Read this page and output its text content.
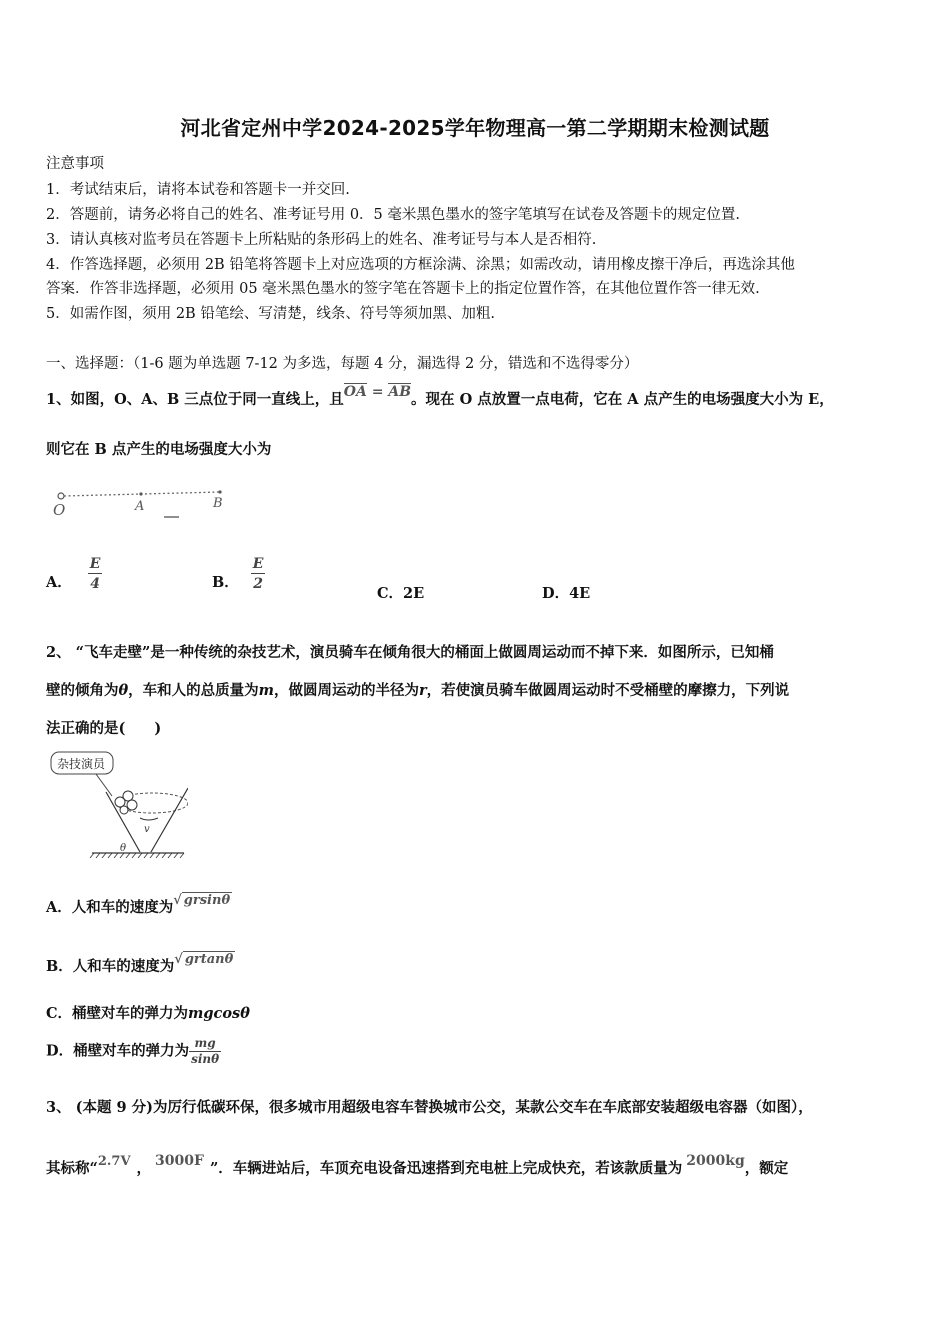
河北省定州中学2024-2025学年物理高一第二学期期末检测试题
注意事项
1．考试结束后，请将本试卷和答题卡一并交回.
2．答题前，请务必将自己的姓名、准考证号用 0．5 毫米黑色墨水的签字笔填写在试卷及答题卡的规定位置.
3．请认真核对监考员在答题卡上所粘贴的条形码上的姓名、准考证号与本人是否相符.
4．作答选择题，必须用 2B 铅笔将答题卡上对应选项的方框涂满、涂黑；如需改动，请用橡皮擦干净后，再选涂其他
答案．作答非选择题，必须用 05 毫米黑色墨水的签字笔在答题卡上的指定位置作答，在其他位置作答一律无效.
5．如需作图，须用 2B 铅笔绘、写清楚，线条、符号等须加黑、加粗.
一、选择题：（1-6 题为单选题 7-12 为多选，每题 4 分，漏选得 2 分，错选和不选得零分）
1、如图，O、A、B 三点位于同一直线上，且OA = AB。现在 O 点放置一点电荷，它在 A 点产生的电场强度大小为 E，
则它在 B 点产生的电场强度大小为
O	A	B
A． $\frac{E}{4}$	B． $\frac{E}{2}$	C．2E	D．4E
2、 “飞车走壁”是一种传统的杂技艺术，演员骑车在倾角很大的桶面上做圆周运动而不掉下来．如图所示，已知桶
壁的倾角为θ，车和人的总质量为m，做圆周运动的半径为r，若使演员骑车做圆周运动时不受桶壁的摩擦力，下列说
法正确的是(　　)
杂技演员
v
θ
A．人和车的速度为√ grsinθ
B．人和车的速度为√ grtanθ
C．桶壁对车的弹力为mgcosθ
D．桶壁对车的弹力为 $\frac{mg}{\sin\theta}$
3、 (本题 9 分)为厉行低碳环保，很多城市用超级电容车替换城市公交，某款公交车在车底部安装超级电容器（如图），
其标称“2.7V ， 3000F ”．车辆进站后，车顶充电设备迅速搭到充电桩上完成快充，若该款质量为 2000kg，额定
